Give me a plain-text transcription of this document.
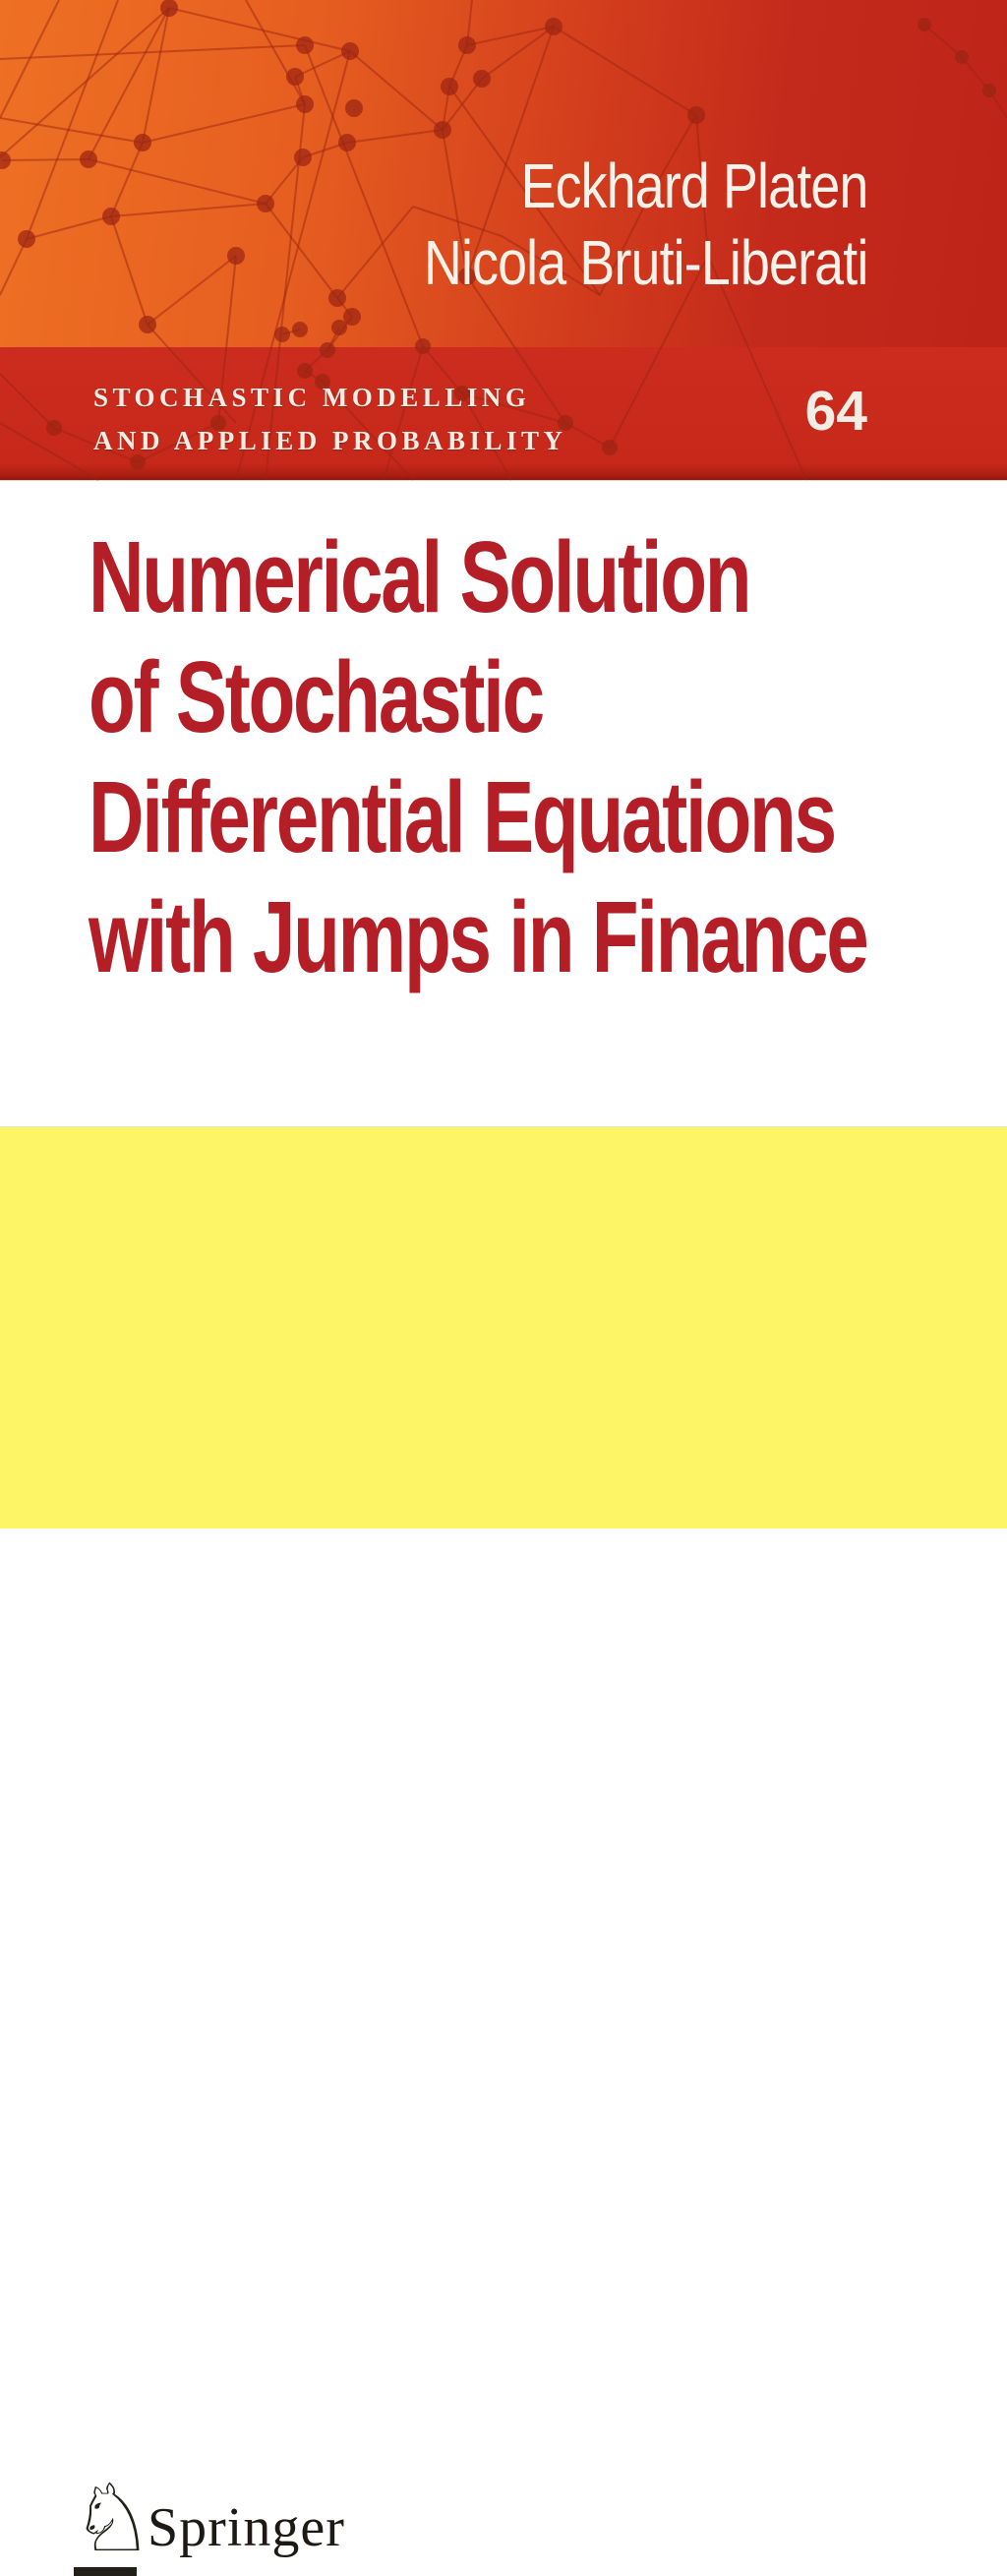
Eckhard Platen
Nicola Bruti-Liberati
STOCHASTIC MODELLING
AND APPLIED PROBABILITY	64
Numerical Solution
of Stochastic
Differential Equations
with Jumps in Finance
♘
Springer
